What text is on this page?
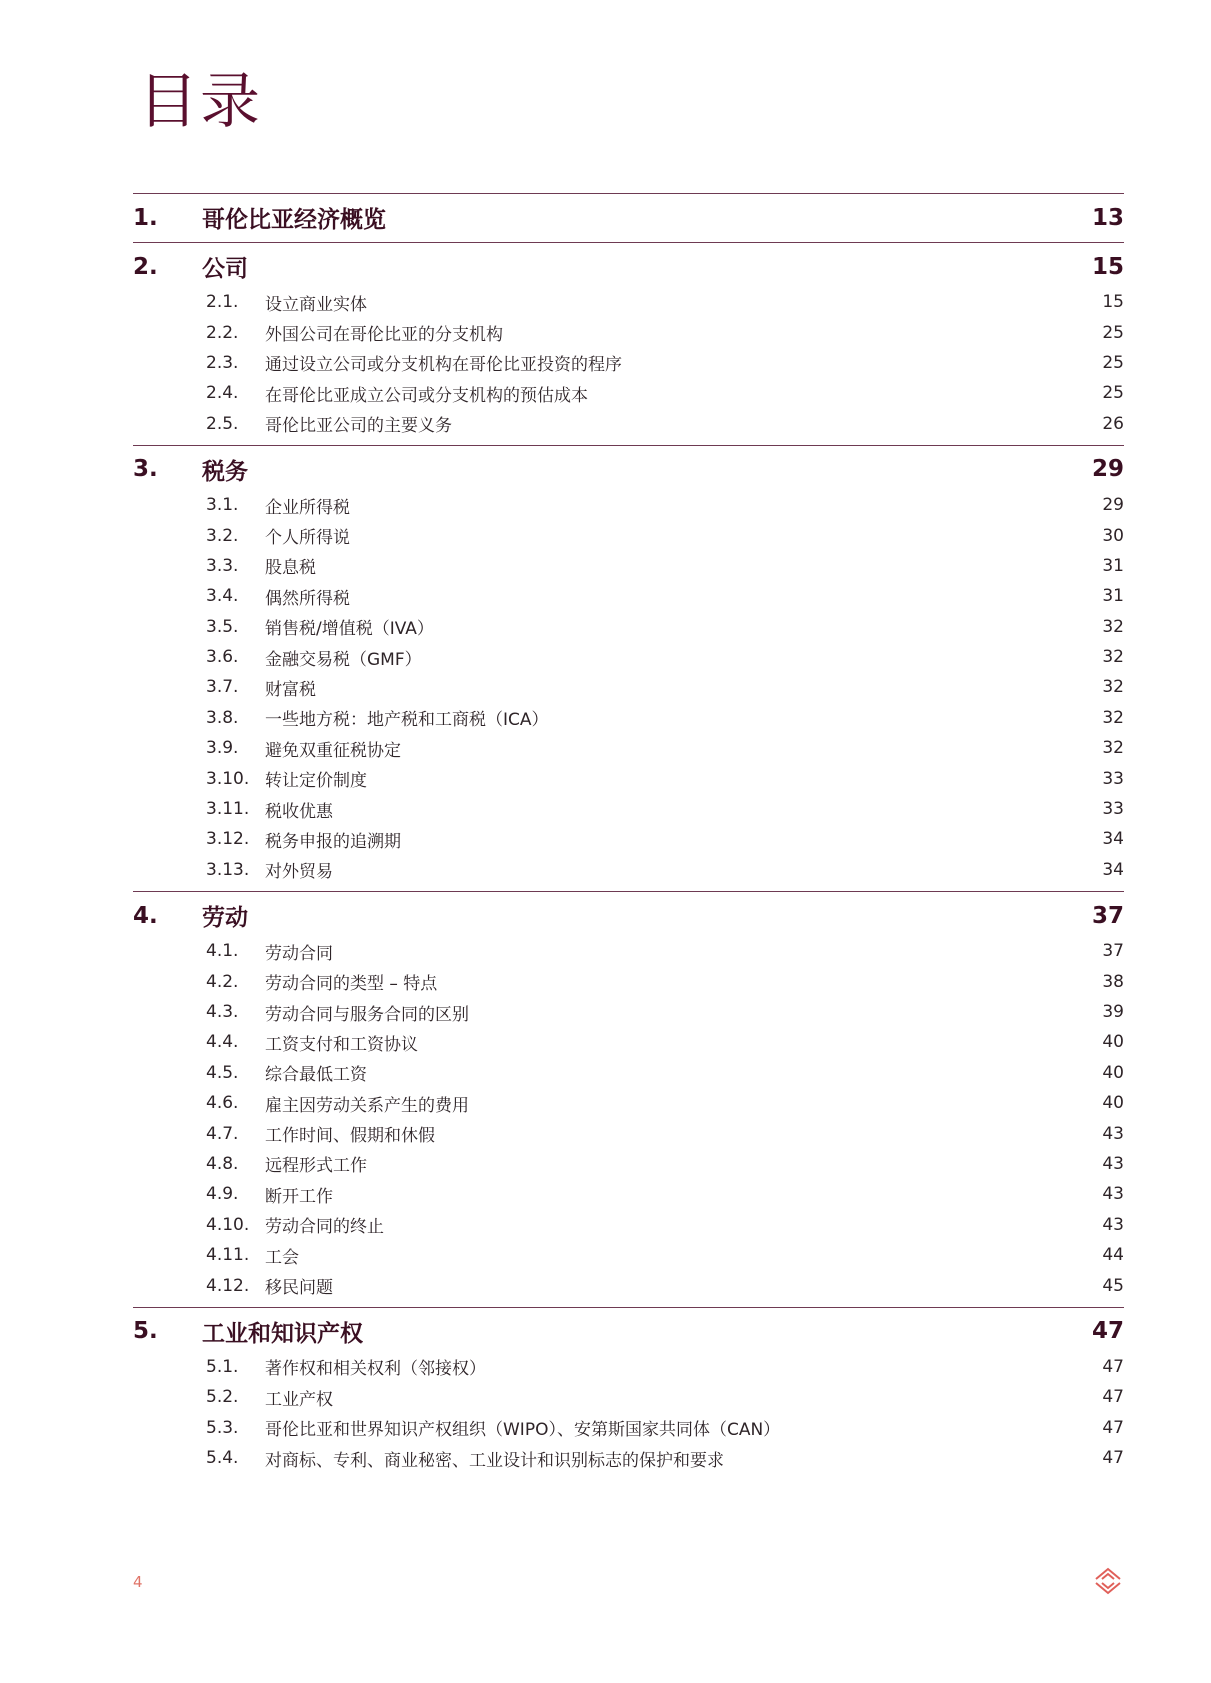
目录
1.	哥伦比亚经济概览	13
2.	公司	15
2.1.	设立商业实体	15
2.2.	外国公司在哥伦比亚的分支机构	25
2.3.	通过设立公司或分支机构在哥伦比亚投资的程序	25
2.4.	在哥伦比亚成立公司或分支机构的预估成本	25
2.5.	哥伦比亚公司的主要义务	26
3.	税务	29
3.1.	企业所得税	29
3.2.	个人所得说	30
3.3.	股息税	31
3.4.	偶然所得税	31
3.5.	销售税/增值税（IVA）	32
3.6.	金融交易税（GMF）	32
3.7.	财富税	32
3.8.	一些地方税：地产税和工商税（ICA）	32
3.9.	避免双重征税协定	32
3.10. 转让定价制度	33
3.11. 税收优惠	33
3.12. 税务申报的追溯期	34
3.13. 对外贸易	34
4.	劳动	37
4.1.	劳动合同	37
4.2.	劳动合同的类型 – 特点	38
4.3.	劳动合同与服务合同的区别	39
4.4.	工资支付和工资协议	40
4.5.	综合最低工资	40
4.6.	雇主因劳动关系产生的费用	40
4.7.	工作时间、假期和休假	43
4.8.	远程形式工作	43
4.9.	断开工作	43
4.10. 劳动合同的终止	43
4.11. 工会	44
4.12. 移民问题	45
5.	工业和知识产权	47
5.1.	著作权和相关权利（邻接权）	47
5.2.	工业产权	47
5.3.	哥伦比亚和世界知识产权组织（WIPO）、安第斯国家共同体（CAN）	47
5.4.	对商标、专利、商业秘密、工业设计和识别标志的保护和要求	47
4
